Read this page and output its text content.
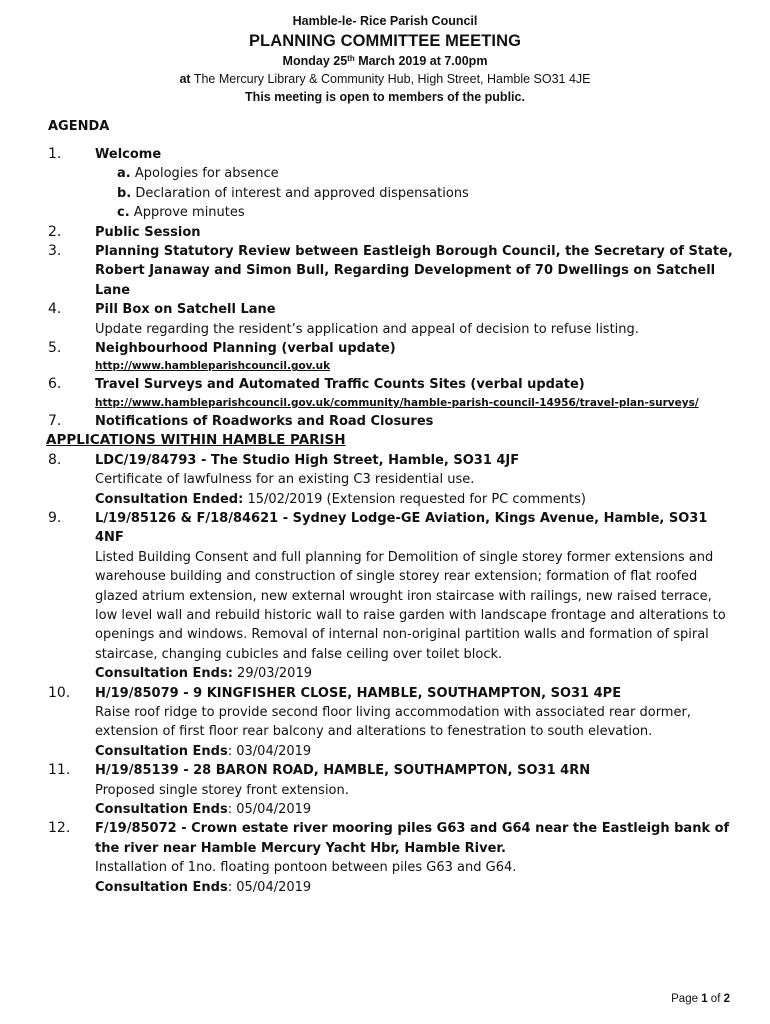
Hamble-le- Rice Parish Council
PLANNING COMMITTEE MEETING
Monday 25th March 2019 at 7.00pm
at The Mercury Library & Community Hub, High Street, Hamble SO31 4JE
This meeting is open to members of the public.
AGENDA
1.	Welcome
a. Apologies for absence
b. Declaration of interest and approved dispensations
c. Approve minutes
2.	Public Session
3.	Planning Statutory Review between Eastleigh Borough Council, the Secretary of State, Robert Janaway and Simon Bull, Regarding Development of 70 Dwellings on Satchell Lane
4.	Pill Box on Satchell Lane
Update regarding the resident’s application and appeal of decision to refuse listing.
5.	Neighbourhood Planning (verbal update)
http://www.hambleparishcouncil.gov.uk
6.	Travel Surveys and Automated Traffic Counts Sites (verbal update)
http://www.hambleparishcouncil.gov.uk/community/hamble-parish-council-14956/travel-plan-surveys/
7.	Notifications of Roadworks and Road Closures
APPLICATIONS WITHIN HAMBLE PARISH
8.	LDC/19/84793 - The Studio High Street, Hamble, SO31 4JF
Certificate of lawfulness for an existing C3 residential use.
Consultation Ended: 15/02/2019 (Extension requested for PC comments)
9.	L/19/85126 & F/18/84621 - Sydney Lodge-GE Aviation, Kings Avenue, Hamble, SO31 4NF
Listed Building Consent and full planning for Demolition of single storey former extensions and warehouse building and construction of single storey rear extension; formation of flat roofed glazed atrium extension, new external wrought iron staircase with railings, new raised terrace, low level wall and rebuild historic wall to raise garden with landscape frontage and alterations to openings and windows. Removal of internal non-original partition walls and formation of spiral staircase, changing cubicles and false ceiling over toilet block.
Consultation Ends: 29/03/2019
10. H/19/85079 - 9 KINGFISHER CLOSE, HAMBLE, SOUTHAMPTON, SO31 4PE
Raise roof ridge to provide second floor living accommodation with associated rear dormer, extension of first floor rear balcony and alterations to fenestration to south elevation.
Consultation Ends: 03/04/2019
11. H/19/85139 - 28 BARON ROAD, HAMBLE, SOUTHAMPTON, SO31 4RN
Proposed single storey front extension.
Consultation Ends: 05/04/2019
12. F/19/85072 - Crown estate river mooring piles G63 and G64 near the Eastleigh bank of the river near Hamble Mercury Yacht Hbr, Hamble River.
Installation of 1no. floating pontoon between piles G63 and G64.
Consultation Ends: 05/04/2019
Page 1 of 2
